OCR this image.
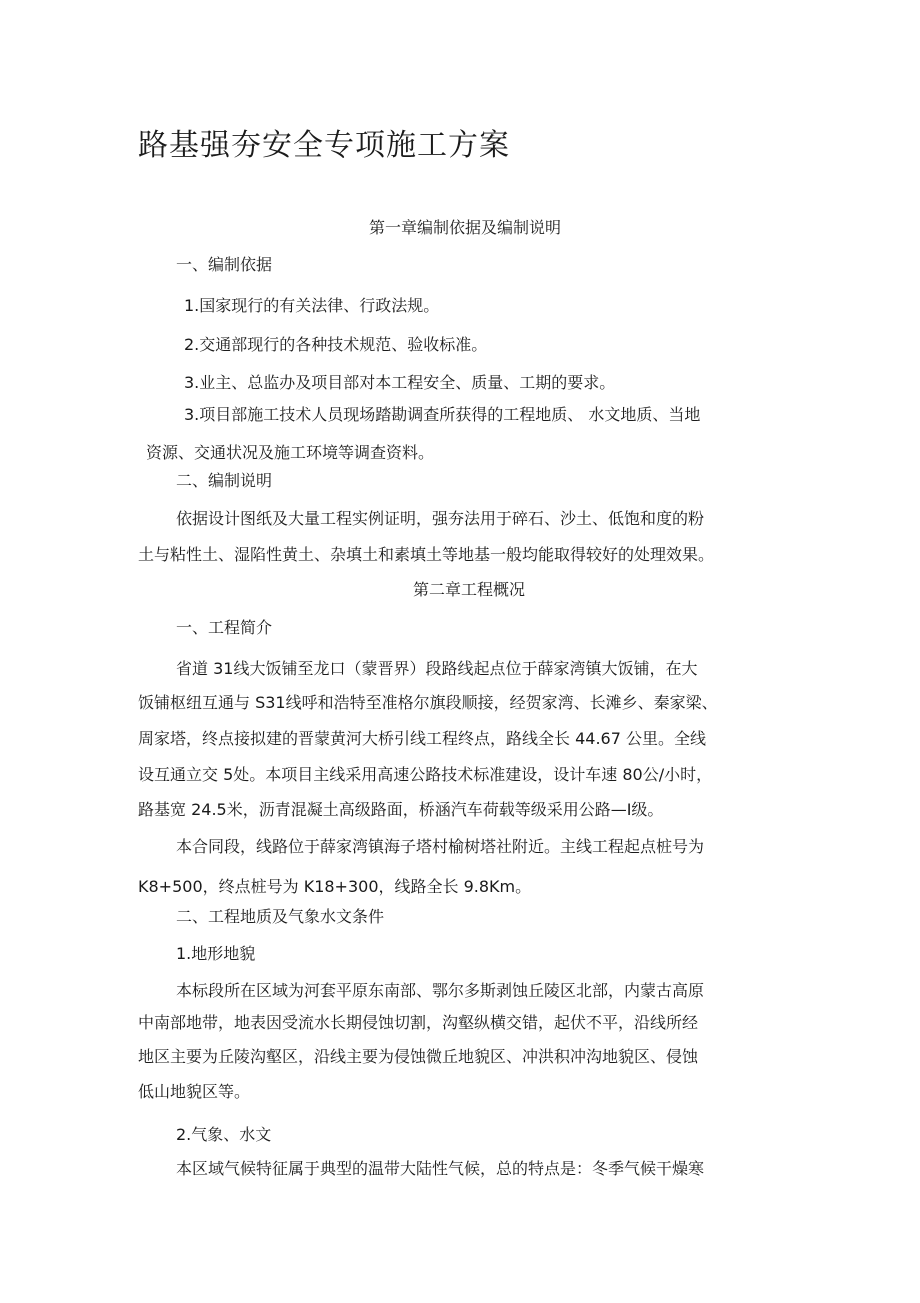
路基强夯安全专项施工方案
第一章编制依据及编制说明
一、编制依据
1.国家现行的有关法律、行政法规。
2.交通部现行的各种技术规范、验收标准。
3.业主、总监办及项目部对本工程安全、质量、工期的要求。
3.项目部施工技术人员现场踏勘调查所获得的工程地质、 水文地质、当地
资源、交通状况及施工环境等调查资料。
二、编制说明
依据设计图纸及大量工程实例证明，强夯法用于碎石、沙土、低饱和度的粉
土与粘性土、湿陷性黄土、杂填土和素填土等地基一般均能取得较好的处理效果。
第二章工程概况
一、工程简介
省道 31线大饭铺至龙口（蒙晋界）段路线起点位于薛家湾镇大饭铺，在大
饭铺枢纽互通与 S31线呼和浩特至准格尔旗段顺接，经贺家湾、长滩乡、秦家梁、
周家塔，终点接拟建的晋蒙黄河大桥引线工程终点，路线全长 44.67 公里。全线
设互通立交 5处。本项目主线采用高速公路技术标准建设，设计车速 80公/小时，
路基宽 24.5米，沥青混凝土高级路面，桥涵汽车荷载等级采用公路—Ⅰ级。
本合同段，线路位于薛家湾镇海子塔村榆树塔社附近。主线工程起点桩号为
K8+500，终点桩号为 K18+300，线路全长 9.8Km。
二、工程地质及气象水文条件
1.地形地貌
本标段所在区域为河套平原东南部、鄂尔多斯剥蚀丘陵区北部，内蒙古高原
中南部地带，地表因受流水长期侵蚀切割，沟壑纵横交错，起伏不平，沿线所经
地区主要为丘陵沟壑区，沿线主要为侵蚀微丘地貌区、冲洪积冲沟地貌区、侵蚀
低山地貌区等。
2.气象、水文
本区域气候特征属于典型的温带大陆性气候，总的特点是：冬季气候干燥寒
